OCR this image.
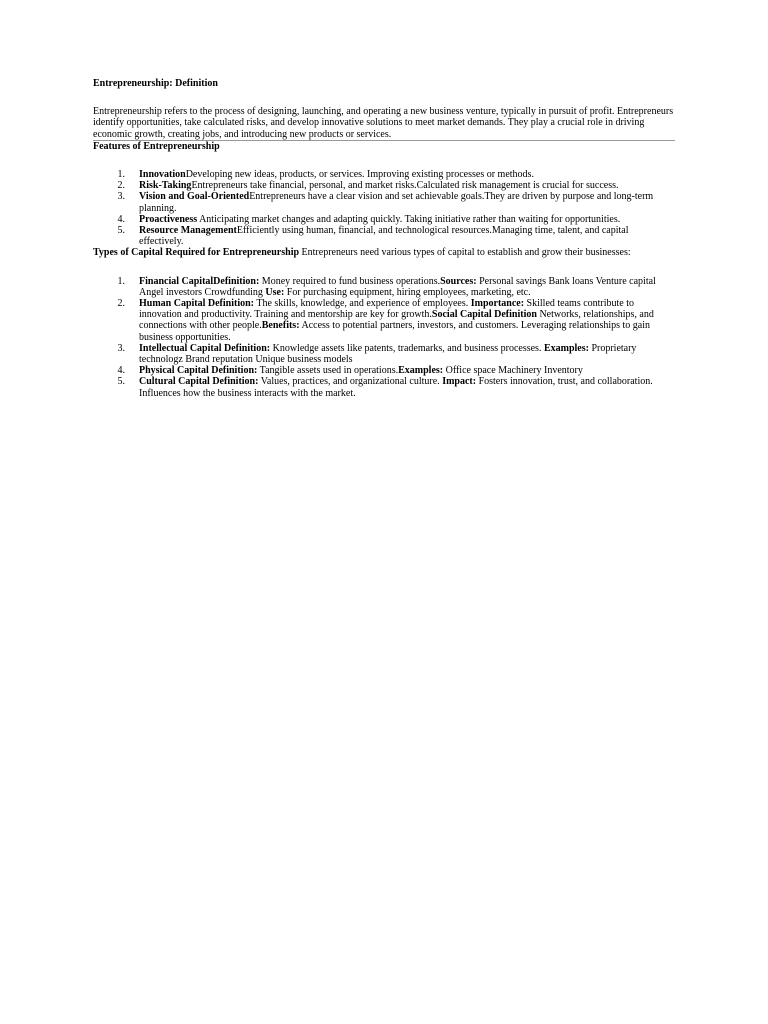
Entrepreneurship: Definition

Entrepreneurship refers to the process of designing, launching, and operating a new business venture, typically in pursuit of profit. Entrepreneurs identify opportunities, take calculated risks, and develop innovative solutions to meet market demands. They play a crucial role in driving economic growth, creating jobs, and introducing new products or services.

Features of Entrepreneurship

1. InnovationDeveloping new ideas, products, or services. Improving existing processes or methods.
2. Risk-TakingEntrepreneurs take financial, personal, and market risks.Calculated risk management is crucial for success.
3. Vision and Goal-OrientedEntrepreneurs have a clear vision and set achievable goals.They are driven by purpose and long-term planning.
4. Proactiveness Anticipating market changes and adapting quickly. Taking initiative rather than waiting for opportunities.
5. Resource ManagementEfficiently using human, financial, and technological resources.Managing time, talent, and capital effectively.

Types of Capital Required for Entrepreneurship Entrepreneurs need various types of capital to establish and grow their businesses:

1. Financial CapitalDefinition: Money required to fund business operations.Sources: Personal savings Bank loans Venture capital Angel investors Crowdfunding Use: For purchasing equipment, hiring employees, marketing, etc.
2. Human Capital Definition: The skills, knowledge, and experience of employees. Importance: Skilled teams contribute to innovation and productivity. Training and mentorship are key for growth.Social Capital Definition Networks, relationships, and connections with other people.Benefits: Access to potential partners, investors, and customers. Leveraging relationships to gain business opportunities.
3. Intellectual Capital Definition: Knowledge assets like patents, trademarks, and business processes. Examples: Proprietary technologz Brand reputation Unique business models
4. Physical Capital Definition: Tangible assets used in operations.Examples: Office space Machinery Inventory
5. Cultural Capital Definition: Values, practices, and organizational culture. Impact: Fosters innovation, trust, and collaboration. Influences how the business interacts with the market.
